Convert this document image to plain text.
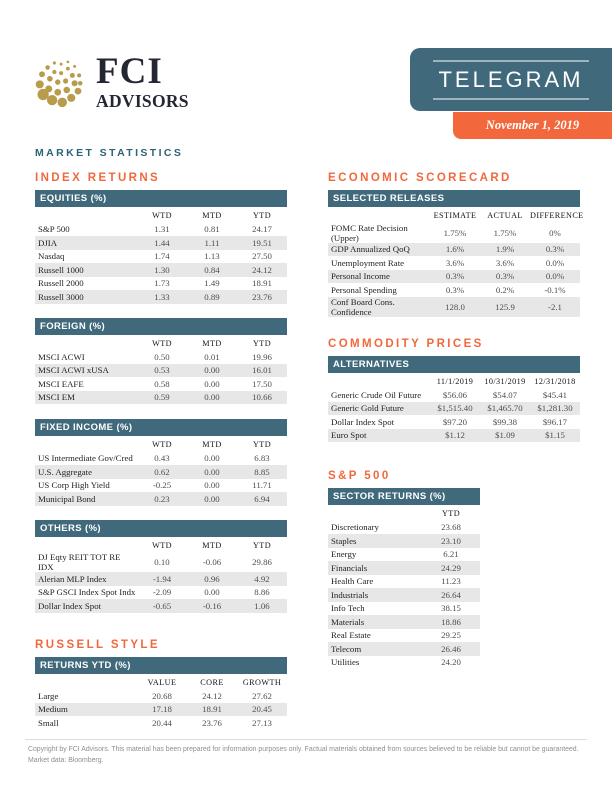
FCI
ADVISORS
TELEGRAM
November 1, 2019
MARKET STATISTICS
INDEX RETURNS
EQUITIES (%)
WTD	MTD	YTD
S&P 500	1.31	0.81	24.17
DJIA	1.44	1.11	19.51
Nasdaq	1.74	1.13	27.50
Russell 1000	1.30	0.84	24.12
Russell 2000	1.73	1.49	18.91
Russell 3000	1.33	0.89	23.76
FOREIGN (%)
WTD	MTD	YTD
MSCI ACWI	0.50	0.01	19.96
MSCI ACWI xUSA	0.53	0.00	16.01
MSCI EAFE	0.58	0.00	17.50
MSCI EM	0.59	0.00	10.66
FIXED INCOME (%)
WTD	MTD	YTD
US Intermediate Gov/Cred	0.43	0.00	6.83
U.S. Aggregate	0.62	0.00	8.85
US Corp High Yield	-0.25	0.00	11.71
Municipal Bond	0.23	0.00	6.94
OTHERS (%)
WTD	MTD	YTD
DJ Eqty REIT TOT RE IDX	0.10	-0.06	29.86
Alerian MLP Index	-1.94	0.96	4.92
S&P GSCI Index Spot Indx	-2.09	0.00	8.86
Dollar Index Spot	-0.65	-0.16	1.06
RUSSELL STYLE
RETURNS YTD (%)
VALUE	CORE	GROWTH
Large	20.68	24.12	27.62
Medium	17.18	18.91	20.45
Small	20.44	23.76	27.13
ECONOMIC SCORECARD
SELECTED RELEASES
ESTIMATE	ACTUAL DIFFERENCE
FOMC Rate Decision (Upper)	1.75%	1.75%	0%
GDP Annualized QoQ	1.6%	1.9%	0.3%
Unemployment Rate	3.6%	3.6%	0.0%
Personal Income	0.3%	0.3%	0.0%
Personal Spending	0.3%	0.2%	-0.1%
Conf Board Cons. Confidence	128.0	125.9	-2.1
COMMODITY PRICES
ALTERNATIVES
11/1/2019	10/31/2019	12/31/2018
Generic Crude Oil Future	$56.06	$54.07	$45.41
Generic Gold Future	$1,515.40	$1,465.70	$1,281.30
Dollar Index Spot	$97.20	$99.38	$96.17
Euro Spot	$1.12	$1.09	$1.15
S&P 500
SECTOR RETURNS (%)
YTD
Discretionary	23.68
Staples	23.10
Energy	6.21
Financials	24.29
Health Care	11.23
Industrials	26.64
Info Tech	38.15
Materials	18.86
Real Estate	29.25
Telecom	26.46
Utilities	24.20
Copyright by FCI Advisors. This material has been prepared for information purposes only. Factual materials obtained from sources believed to be reliable but cannot be guaranteed. Market data: Bloomberg.
